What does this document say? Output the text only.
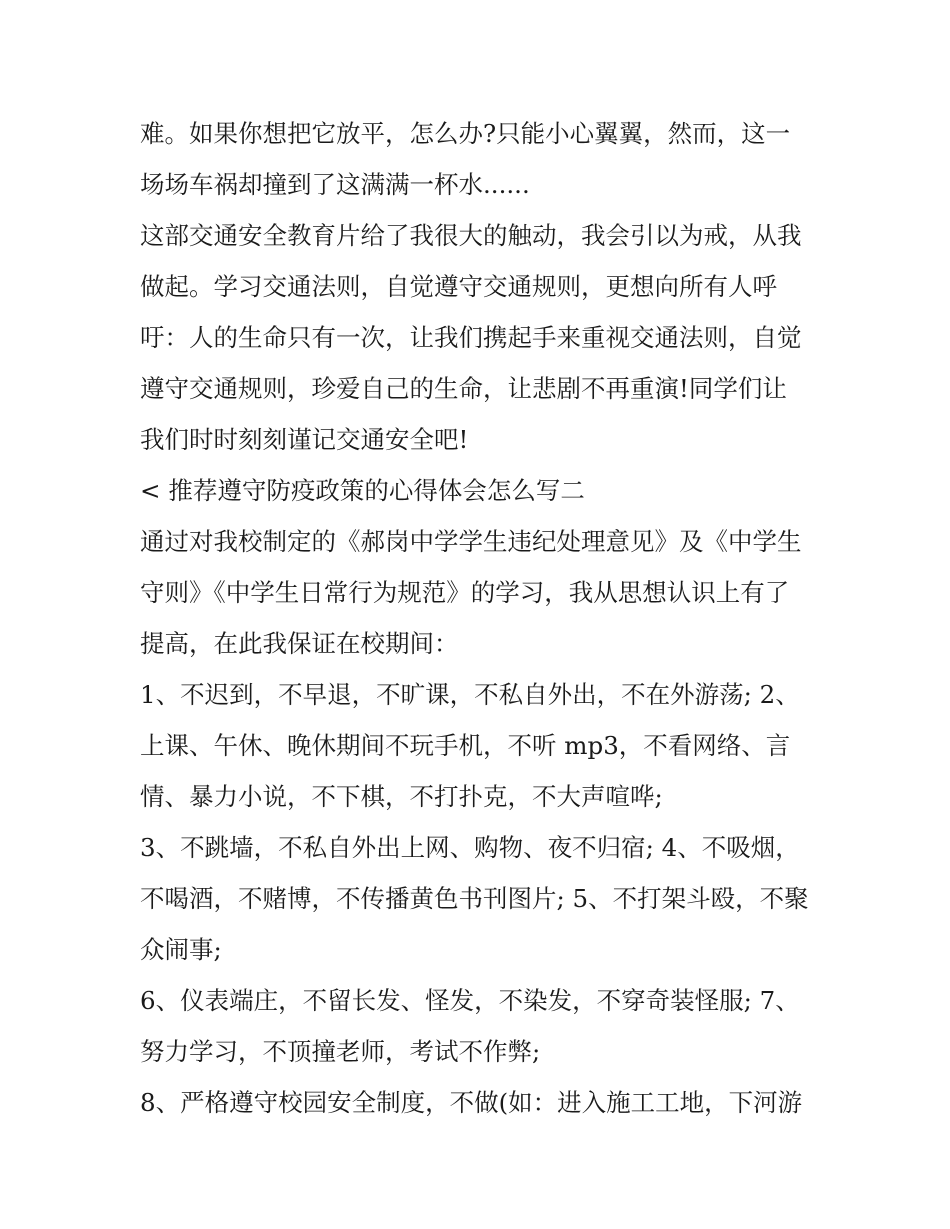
难。如果你想把它放平，怎么办?只能小心翼翼，然而，这一
场场车祸却撞到了这满满一杯水......
这部交通安全教育片给了我很大的触动，我会引以为戒，从我
做起。学习交通法则，自觉遵守交通规则，更想向所有人呼
吁：人的生命只有一次，让我们携起手来重视交通法则，自觉
遵守交通规则，珍爱自己的生命，让悲剧不再重演!同学们让
我们时时刻刻谨记交通安全吧!
< 推荐遵守防疫政策的心得体会怎么写二
通过对我校制定的《郝岗中学学生违纪处理意见》及《中学生
守则》《中学生日常行为规范》的学习，我从思想认识上有了
提高，在此我保证在校期间：
1、不迟到，不早退，不旷课，不私自外出，不在外游荡; 2、
上课、午休、晚休期间不玩手机，不听 mp3，不看网络、言
情、暴力小说，不下棋，不打扑克，不大声喧哗;
3、不跳墙，不私自外出上网、购物、夜不归宿; 4、不吸烟，
不喝酒，不赌博，不传播黄色书刊图片; 5、不打架斗殴，不聚
众闹事;
6、仪表端庄，不留长发、怪发，不染发，不穿奇装怪服; 7、
努力学习，不顶撞老师，考试不作弊;
8、严格遵守校园安全制度，不做(如：进入施工工地，下河游
